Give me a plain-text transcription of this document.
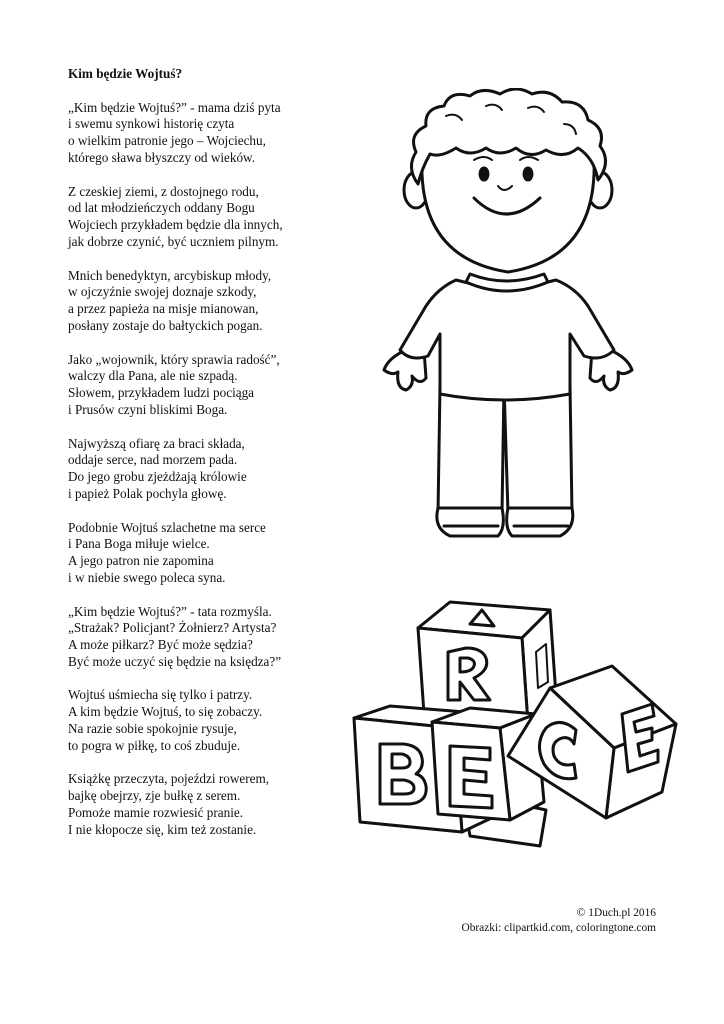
Kim będzie Wojtuś?
„Kim będzie Wojtuś?” - mama dziś pyta
i swemu synkowi historię czyta
o wielkim patronie jego – Wojciechu,
którego sława błyszczy od wieków.
Z czeskiej ziemi, z dostojnego rodu,
od lat młodzieńczych oddany Bogu
Wojciech przykładem będzie dla innych,
jak dobrze czynić, być uczniem pilnym.
Mnich benedyktyn, arcybiskup młody,
w ojczyźnie swojej doznaje szkody,
a przez papieża na misje mianowan,
posłany zostaje do bałtyckich pogan.
Jako „wojownik, który sprawia radość”,
walczy dla Pana, ale nie szpadą.
Słowem, przykładem ludzi pociąga
i Prusów czyni bliskimi Boga.
Najwyższą ofiarę za braci składa,
oddaje serce, nad morzem pada.
Do jego grobu zjeżdżają królowie
i papież Polak pochyla głowę.
Podobnie Wojtuś szlachetne ma serce
i Pana Boga miłuje wielce.
A jego patron nie zapomina
i w niebie swego poleca syna.
„Kim będzie Wojtuś?” - tata rozmyśla.
„Strażak? Policjant? Żołnierz? Artysta?
A może piłkarz? Być może sędzia?
Być może uczyć się będzie na księdza?”
Wojtuś uśmiecha się tylko i patrzy.
A kim będzie Wojtuś, to się zobaczy.
Na razie sobie spokojnie rysuje,
to pogra w piłkę, to coś zbuduje.
Książkę przeczyta, pojeździ rowerem,
bajkę obejrzy, zje bułkę z serem.
Pomoże mamie rozwiesić pranie.
I nie kłopocze się, kim też zostanie.
© 1Duch.pl 2016
Obrazki: clipartkid.com, coloringtone.com
